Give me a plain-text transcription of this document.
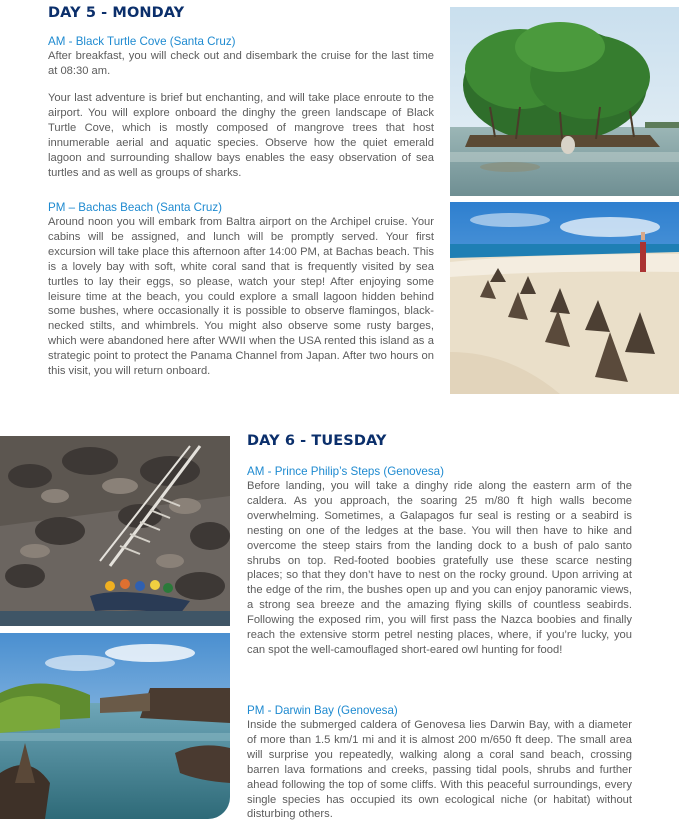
DAY 5 - MONDAY

AM - Black Turtle Cove (Santa Cruz)

After breakfast, you will check out and disembark the cruise for the last time at 08:30 am.

Your last adventure is brief but enchanting, and will take place enroute to the airport. You will explore onboard the dinghy the green landscape of Black Turtle Cove, which is mostly composed of mangrove trees that host innumerable aerial and aquatic species. Observe how the quiet emerald lagoon and surrounding shallow bays enables the easy observation of sea turtles and as well as groups of sharks.

PM – Bachas Beach (Santa Cruz)

Around noon you will embark from Baltra airport on the Archipel cruise. Your cabins will be assigned, and lunch will be promptly served. Your first excursion will take place this afternoon after 14:00 PM, at Bachas beach. This is a lovely bay with soft, white coral sand that is frequently visited by sea turtles to lay their eggs, so please, watch your step! After enjoying some leisure time at the beach, you could explore a small lagoon hidden behind some bushes, where occasionally it is possible to observe flamingos, black-necked stilts, and whimbrels. You might also observe some rusty barges, which were abandoned here after WWII when the USA rented this island as a strategic point to protect the Panama Channel from Japan. After two hours on this visit, you will return onboard.

DAY 6 - TUESDAY

AM - Prince Philip’s Steps (Genovesa)

Before landing, you will take a dinghy ride along the eastern arm of the caldera. As you approach, the soaring 25 m/80 ft high walls become overwhelming. Sometimes, a Galapagos fur seal is resting or a seabird is nesting on one of the ledges at the base. You will then have to hike and overcome the steep stairs from the landing dock to a bush of palo santo shrubs on top. Red-footed boobies gratefully use these scarce nesting places; so that they don’t have to nest on the rocky ground. Upon arriving at the edge of the rim, the bushes open up and you can enjoy panoramic views, a strong sea breeze and the amazing flying skills of countless seabirds. Following the exposed rim, you will first pass the Nazca boobies and finally reach the extensive storm petrel nesting places, where, if you’re lucky, you can spot the well-camouflaged short-eared owl hunting for food!

PM - Darwin Bay (Genovesa)

Inside the submerged caldera of Genovesa lies Darwin Bay, with a diameter of more than 1.5 km/1 mi and it is almost 200 m/650 ft deep. The small area will surprise you repeatedly, walking along a coral sand beach, crossing barren lava formations and creeks, passing tidal pools, shrubs and further ahead following the top of some cliffs. With this peaceful surroundings, every single species has occupied its own ecological niche (or habitat) without disturbing others.
